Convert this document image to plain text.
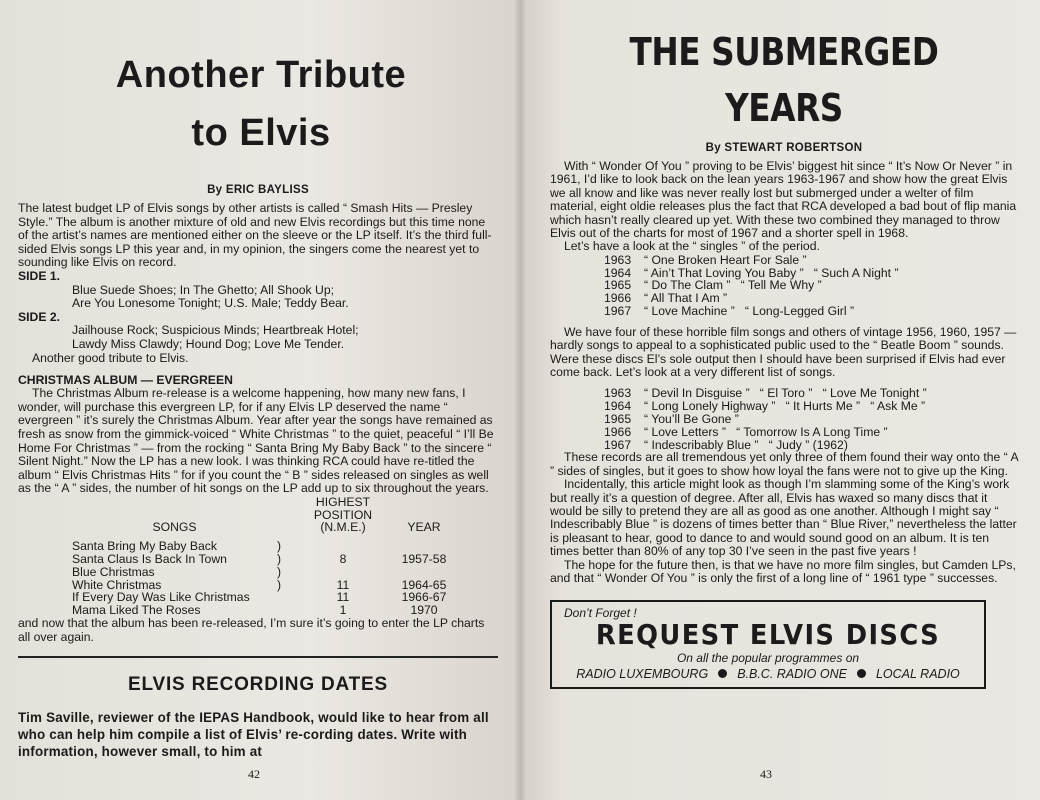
Another Tribute
to Elvis
By ERIC BAYLISS

The latest budget LP of Elvis songs by other artists is called “ Smash Hits — Presley Style.” The album is another mixture of old and new Elvis recordings but this time none of the artist’s names are mentioned either on the sleeve or the LP itself. It’s the third full-sided Elvis songs LP this year and, in my opinion, the singers come the nearest yet to sounding like Elvis on record.

SIDE 1.
Blue Suede Shoes; In The Ghetto; All Shook Up;
Are You Lonesome Tonight; U.S. Male; Teddy Bear.
SIDE 2.
Jailhouse Rock; Suspicious Minds; Heartbreak Hotel;
Lawdy Miss Clawdy; Hound Dog; Love Me Tender.

Another good tribute to Elvis.

CHRISTMAS ALBUM — EVERGREEN

The Christmas Album re-release is a welcome happening, how many new fans, I wonder, will purchase this evergreen LP, for if any Elvis LP deserved the name “ evergreen ” it’s surely the Christmas Album. Year after year the songs have remained as fresh as snow from the gimmick-voiced “ White Christmas ” to the quiet, peaceful “ I’ll Be Home For Christmas ” — from the rocking “ Santa Bring My Baby Back ” to the sincere “ Silent Night.” Now the LP has a new look. I was thinking RCA could have re-titled the album “ Elvis Christmas Hits ” for if you count the “ B ” sides released on singles as well as the “ A ” sides, the number of hit songs on the LP add up to six throughout the years.

SONGS		HIGHEST
POSITION
(N.M.E.)	YEAR

Santa Bring My Baby Back	)		
Santa Claus Is Back In Town	)	8	1957-58
Blue Christmas	)		
White Christmas	)	11	1964-65
If Every Day Was Like Christmas		11	1966-67
Mama Liked The Roses		1	1970

and now that the album has been re-released, I’m sure it’s going to enter the LP charts all over again.

ELVIS RECORDING DATES
Tim Saville, reviewer of the IEPAS Handbook, would like to hear from all who can help him compile a list of Elvis’ re-cording dates. Write with information, however small, to him at
42
THE SUBMERGED
YEARS
By STEWART ROBERTSON

With “ Wonder Of You ” proving to be Elvis’ biggest hit since “ It’s Now Or Never ” in 1961, I’d like to look back on the lean years 1963-1967 and show how the great Elvis we all know and like was never really lost but submerged under a welter of film material, eight oldie releases plus the fact that RCA developed a bad bout of flip mania which hasn’t really cleared up yet. With these two combined they managed to throw Elvis out of the charts for most of 1967 and a shorter spell in 1968.

Let’s have a look at the “ singles ” of the period.

1963	“ One Broken Heart For Sale ”
1964	“ Ain’t That Loving You Baby ”   “ Such A Night ”
1965	“ Do The Clam ”   “ Tell Me Why ”
1966	“ All That I Am ”
1967	“ Love Machine ”   “ Long-Legged Girl ”

We have four of these horrible film songs and others of vintage 1956, 1960, 1957 — hardly songs to appeal to a sophisticated public used to the “ Beatle Boom ” sounds. Were these discs El’s sole output then I should have been surprised if Elvis had ever come back. Let’s look at a very different list of songs.

1963	“ Devil In Disguise ”   “ El Toro ”   “ Love Me Tonight ”
1964	“ Long Lonely Highway ”   “ It Hurts Me ”   “ Ask Me ”
1965	“ You’ll Be Gone ”
1966	“ Love Letters ”   “ Tomorrow Is A Long Time ”
1967	“ Indescribably Blue ”   “ Judy ” (1962)

These records are all tremendous yet only three of them found their way onto the “ A ” sides of singles, but it goes to show how loyal the fans were not to give up the King.

Incidentally, this article might look as though I’m slamming some of the King’s work but really it’s a question of degree. After all, Elvis has waxed so many discs that it would be silly to pretend they are all as good as one another. Although I might say “ Indescribably Blue ” is dozens of times better than “ Blue River,” nevertheless the latter is pleasant to hear, good to dance to and would sound good on an album. It is ten times better than 80% of any top 30 I’ve seen in the past five years !

The hope for the future then, is that we have no more film singles, but Camden LPs, and that “ Wonder Of You ” is only the first of a long line of “ 1961 type ” successes.

Don’t Forget !
REQUEST ELVIS DISCS
On all the popular programmes on
RADIO LUXEMBOURG B.B.C. RADIO ONE LOCAL RADIO
43
